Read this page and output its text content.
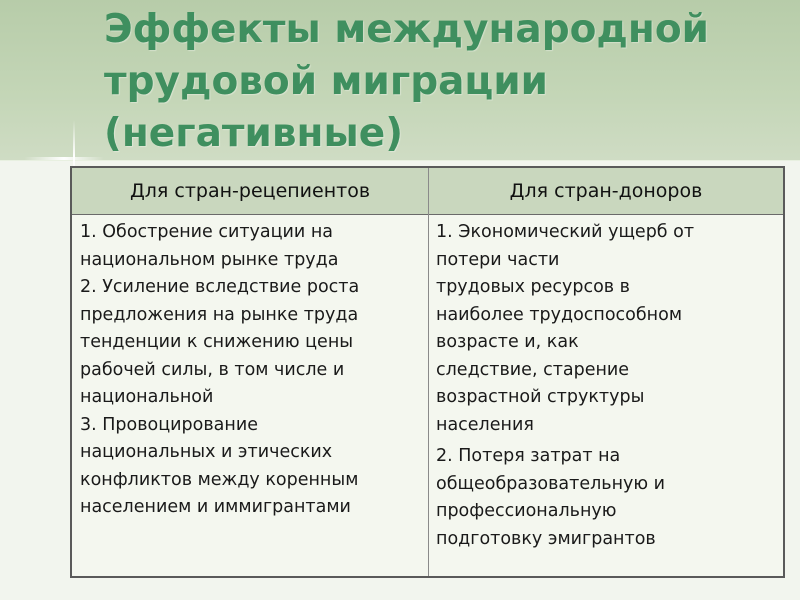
Эффекты международной
трудовой миграции
(негативные)
Для стран-рецепиентов	Для стран-доноров

1. Обострение ситуации на
национальном рынке труда

2. Усиление вследствие роста
предложения на рынке труда
тенденции к снижению цены
рабочей силы, в том числе и
национальной

3. Провоцирование
национальных и этических
конфликтов между коренным
населением и иммигрантами

1. Экономический ущерб от
потери части
трудовых ресурсов в
наиболее трудоспособном
возрасте и, как
следствие, старение
возрастной структуры
населения

2. Потеря затрат на
общеобразовательную и
профессиональную
подготовку эмигрантов
